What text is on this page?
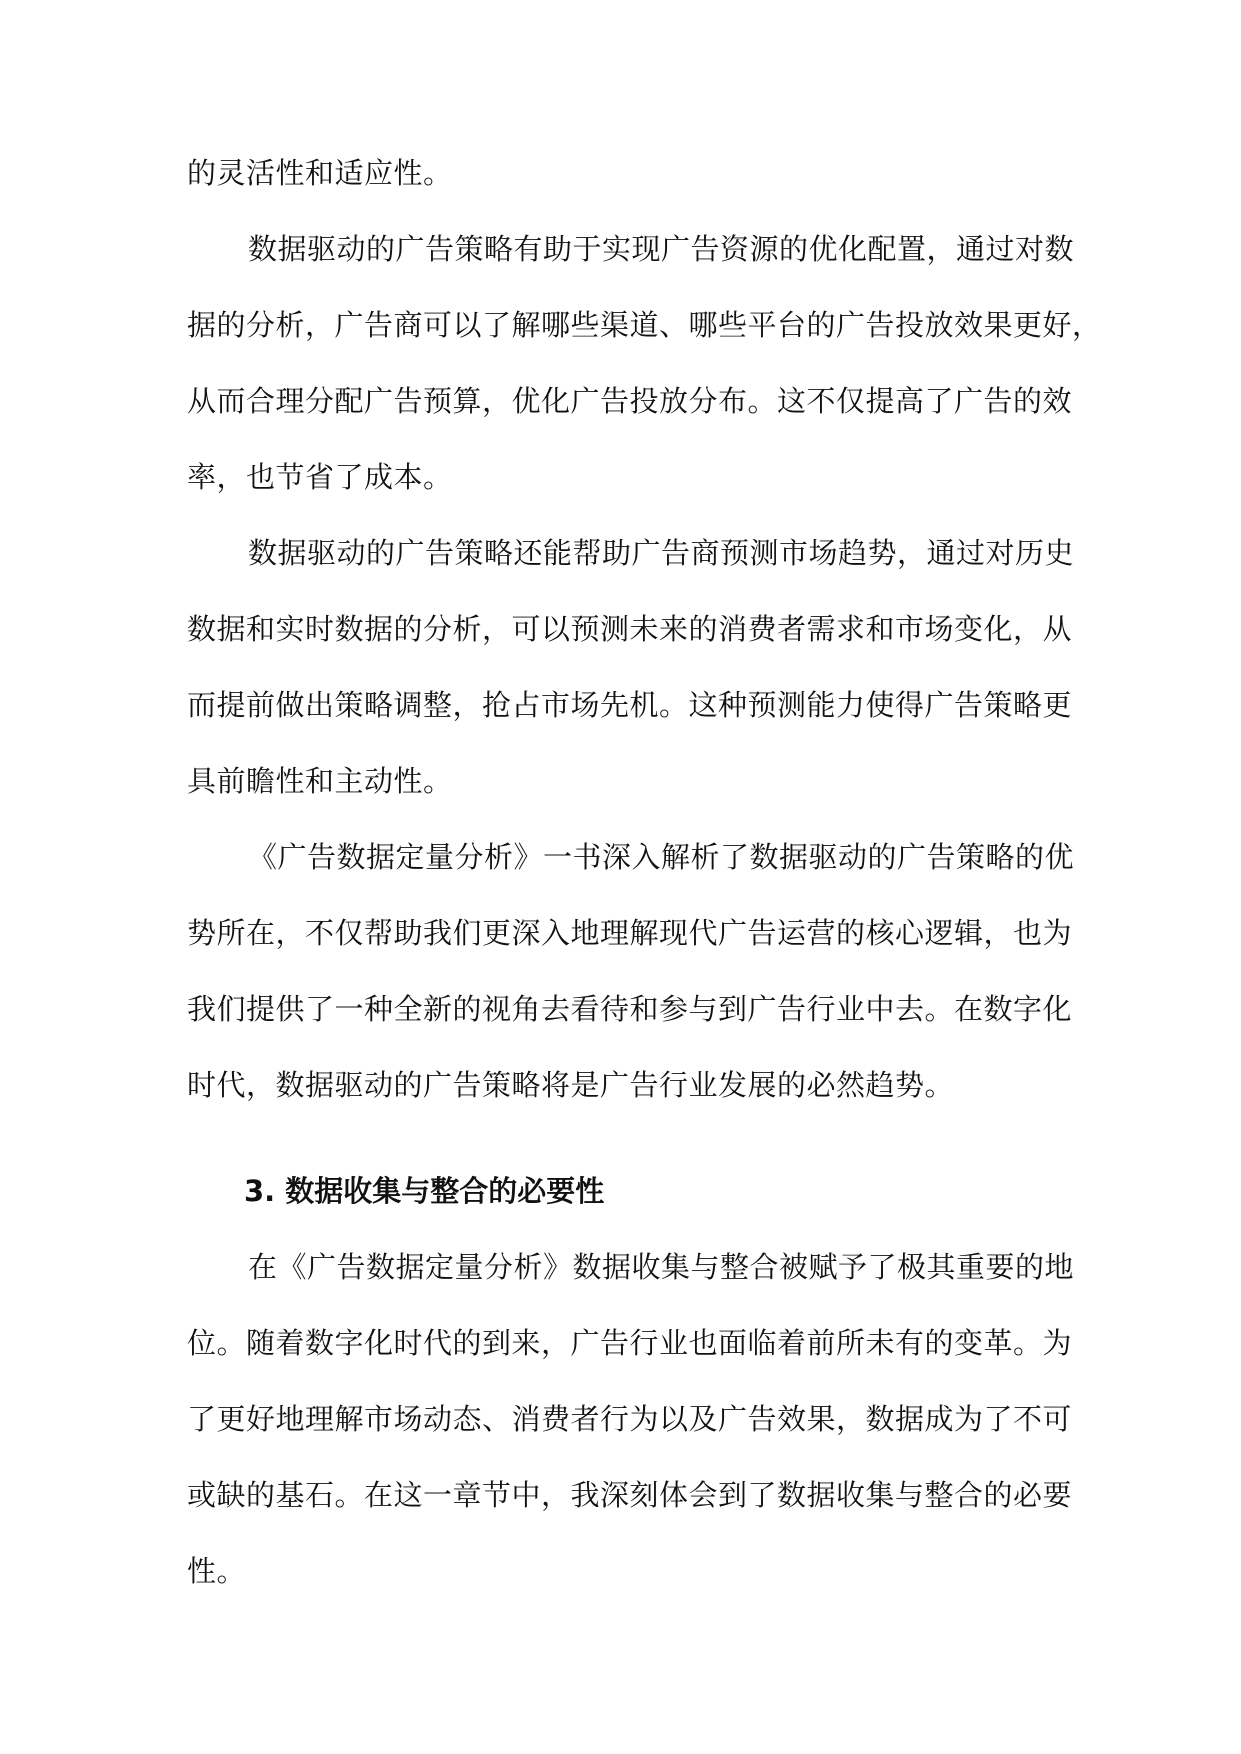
的灵活性和适应性。
数据驱动的广告策略有助于实现广告资源的优化配置，通过对数
据的分析，广告商可以了解哪些渠道、哪些平台的广告投放效果更好，
从而合理分配广告预算，优化广告投放分布。这不仅提高了广告的效
率，也节省了成本。
数据驱动的广告策略还能帮助广告商预测市场趋势，通过对历史
数据和实时数据的分析，可以预测未来的消费者需求和市场变化，从
而提前做出策略调整，抢占市场先机。这种预测能力使得广告策略更
具前瞻性和主动性。
《广告数据定量分析》一书深入解析了数据驱动的广告策略的优
势所在，不仅帮助我们更深入地理解现代广告运营的核心逻辑，也为
我们提供了一种全新的视角去看待和参与到广告行业中去。在数字化
时代，数据驱动的广告策略将是广告行业发展的必然趋势。
3. 数据收集与整合的必要性
在《广告数据定量分析》数据收集与整合被赋予了极其重要的地
位。随着数字化时代的到来，广告行业也面临着前所未有的变革。为
了更好地理解市场动态、消费者行为以及广告效果，数据成为了不可
或缺的基石。在这一章节中，我深刻体会到了数据收集与整合的必要
性。
